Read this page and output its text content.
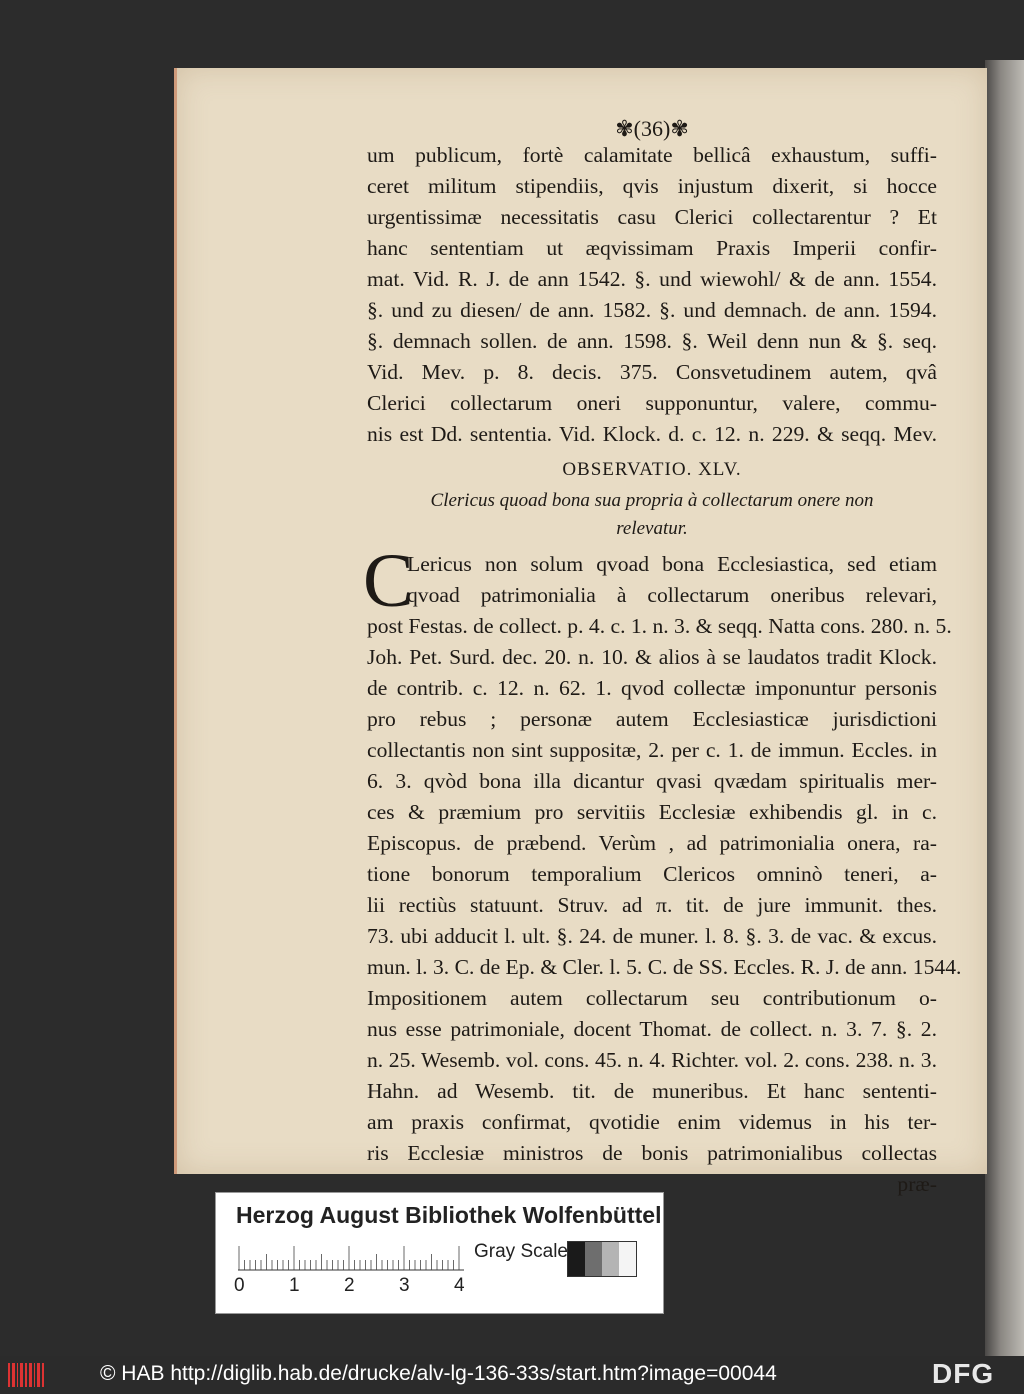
✾(36)✾
um publicum, fortè calamitate bellicâ exhaustum, suffi-
ceret militum stipendiis, qvis injustum dixerit, si hocce
urgentissimæ necessitatis casu Clerici collectarentur ? Et
hanc sententiam ut æqvissimam Praxis Imperii confir-
mat. Vid. R. J. de ann 1542. §. und wiewohl/ & de ann. 1554.
§. und zu diesen/ de ann. 1582. §. und demnach. de ann. 1594.
§. demnach sollen. de ann. 1598. §. Weil denn nun & §. seq.
Vid. Mev. p. 8. decis. 375. Consvetudinem autem, qvâ
Clerici collectarum oneri supponuntur, valere, commu-
nis est Dd. sententia. Vid. Klock. d. c. 12. n. 229. & seqq. Mev.
OBSERVATIO. XLV.
Clericus quoad bona sua propria à collectarum onere non
relevatur.
C
Lericus non solum qvoad bona Ecclesiastica, sed etiam
qvoad patrimonialia à collectarum oneribus relevari,
post Festas. de collect. p. 4. c. 1. n. 3. & seqq. Natta cons. 280. n. 5.
Joh. Pet. Surd. dec. 20. n. 10. & alios à se laudatos tradit Klock.
de contrib. c. 12. n. 62. 1. qvod collectæ imponuntur personis
pro rebus ; personæ autem Ecclesiasticæ jurisdictioni
collectantis non sint suppositæ, 2. per c. 1. de immun. Eccles. in
6. 3. qvòd bona illa dicantur qvasi qvædam spiritualis mer-
ces & præmium pro servitiis Ecclesiæ exhibendis gl. in c.
Episcopus. de præbend. Verùm , ad patrimonialia onera, ra-
tione bonorum temporalium Clericos omninò teneri, a-
lii rectiùs statuunt. Struv. ad π. tit. de jure immunit. thes.
73. ubi adducit l. ult. §. 24. de muner. l. 8. §. 3. de vac. & excus.
mun. l. 3. C. de Ep. & Cler. l. 5. C. de SS. Eccles. R. J. de ann. 1544.
Impositionem autem collectarum seu contributionum o-
nus esse patrimoniale, docent Thomat. de collect. n. 3. 7. §. 2.
n. 25. Wesemb. vol. cons. 45. n. 4. Richter. vol. 2. cons. 238. n. 3.
Hahn. ad Wesemb. tit. de muneribus. Et hanc sententi-
am praxis confirmat, qvotidie enim videmus in his ter-
ris Ecclesiæ ministros de bonis patrimonialibus collectas
præ-
Herzog August Bibliothek Wolfenbüttel
0 1 2 3 4
Gray Scale
© HAB http://diglib.hab.de/drucke/alv-lg-136-33s/start.htm?image=00044	DFG
